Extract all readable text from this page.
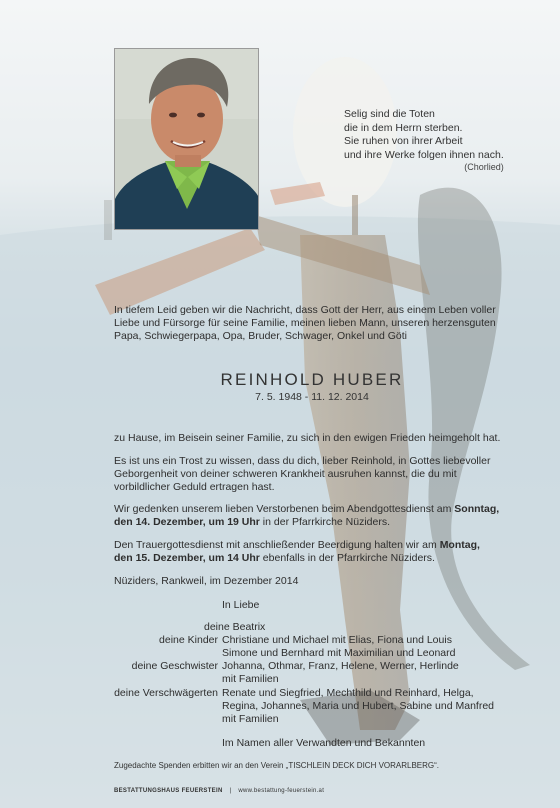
Selig sind die Toten
die in dem Herrn sterben.
Sie ruhen von ihrer Arbeit
und ihre Werke folgen ihnen nach.
(Chorlied)
In tiefem Leid geben wir die Nachricht, dass Gott der Herr, aus einem Leben voller
Liebe und Fürsorge für seine Familie, meinen lieben Mann, unseren herzensguten
Papa, Schwiegerpapa, Opa, Bruder, Schwager, Onkel und Göti
REINHOLD HUBER
7. 5. 1948 - 11. 12. 2014
zu Hause, im Beisein seiner Familie, zu sich in den ewigen Frieden heimgeholt hat.
Es ist uns ein Trost zu wissen, dass du dich, lieber Reinhold, in Gottes liebevoller
Geborgenheit von deiner schweren Krankheit ausruhen kannst, die du mit
vorbildlicher Geduld ertragen hast.
Wir gedenken unserem lieben Verstorbenen beim Abendgottesdienst am Sonntag,
den 14. Dezember, um 19 Uhr in der Pfarrkirche Nüziders.
Den Trauergottesdienst mit anschließender Beerdigung halten wir am Montag,
den 15. Dezember, um 14 Uhr ebenfalls in der Pfarrkirche Nüziders.
Nüziders, Rankweil, im Dezember 2014
In Liebe
deine Beatrix
deine Kinder Christiane und Michael mit Elias, Fiona und Louis
Simone und Bernhard mit Maximilian und Leonard
deine Geschwister Johanna, Othmar, Franz, Helene, Werner, Herlinde
mit Familien
deine Verschwägerten Renate und Siegfried, Mechthild und Reinhard, Helga,
Regina, Johannes, Maria und Hubert, Sabine und Manfred
mit Familien
Im Namen aller Verwandten und Bekannten
Zugedachte Spenden erbitten wir an den Verein „TISCHLEIN DECK DICH VORARLBERG“.
BESTATTUNGSHAUS FEUERSTEIN | www.bestattung-feuerstein.at
